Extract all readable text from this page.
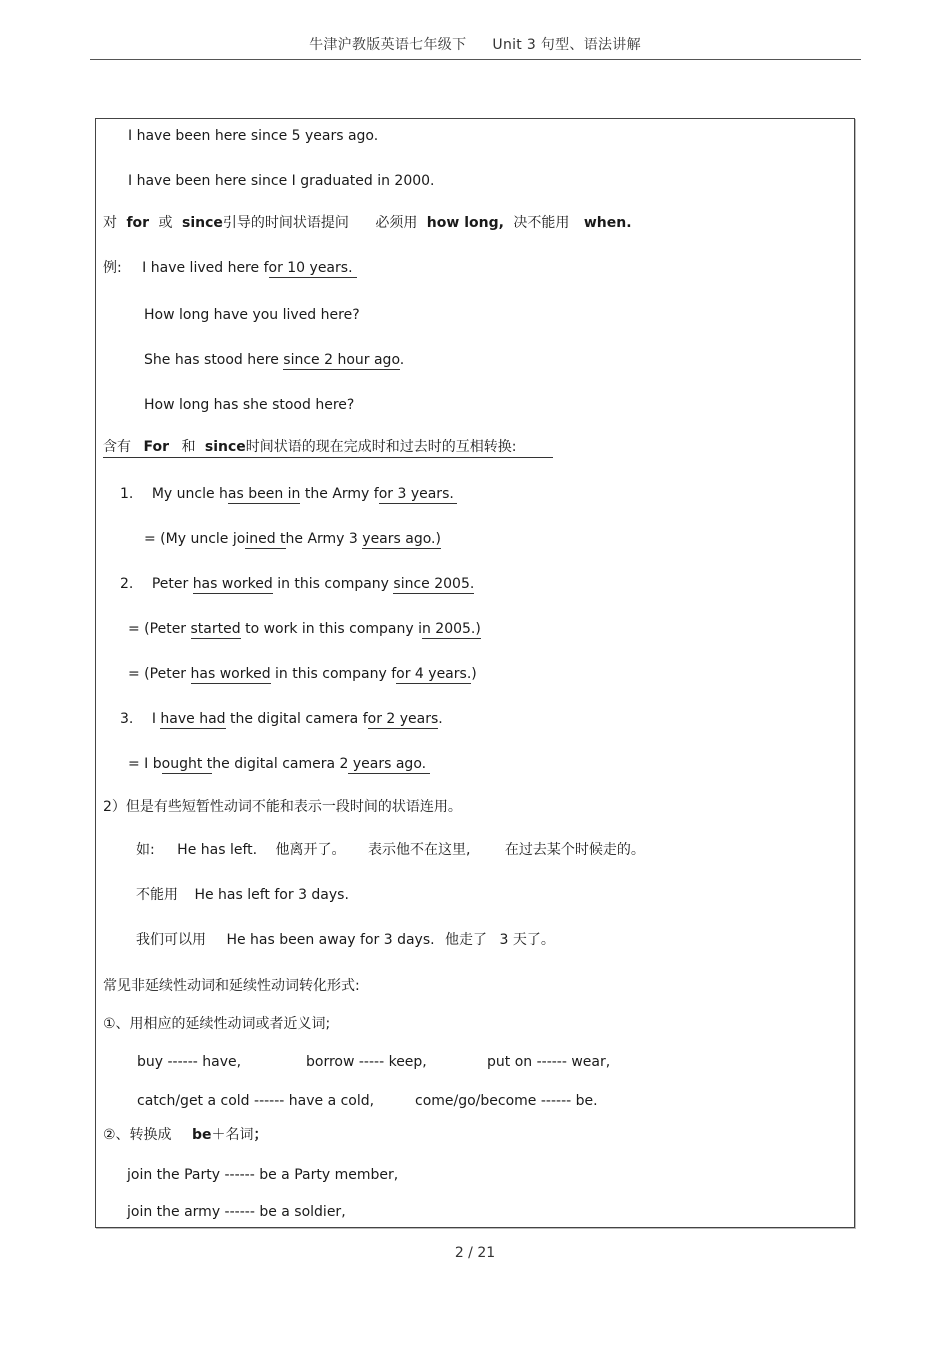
牛津沪教版英语七年级下 Unit 3 句型、语法讲解
I have been here since 5 years ago.
I have been here since I graduated in 2000.
对 for 或 since引导的时间状语提问 必须用 how long, 决不能用 when.
例: I have lived here for 10 years.
How long have you lived here?
She has stood here since 2 hour ago.
How long has she stood here?
含有 For 和 since时间状语的现在完成时和过去时的互相转换:
1. My uncle has been in the Army for 3 years.
= (My uncle joined the Army 3 years ago.)
2. Peter has worked in this company since 2005.
= (Peter started to work in this company in 2005.)
= (Peter has worked in this company for 4 years.)
3. I have had the digital camera for 2 years.
= I bought the digital camera 2 years ago.
2）但是有些短暂性动词不能和表示一段时间的状语连用。
如: He has left. 他离开了。 表示他不在这里, 在过去某个时候走的。
不能用 He has left for 3 days.
我们可以用 He has been away for 3 days. 他走了 3 天了。
常见非延续性动词和延续性动词转化形式:
①、用相应的延续性动词或者近义词;
buy ------ have,	borrow ----- keep,	put on ------ wear,
catch/get a cold ------ have a cold,	come/go/become ------ be.
②、转换成 be＋名词；
join the Party ------ be a Party member,
join the army ------ be a soldier,
2 / 21
